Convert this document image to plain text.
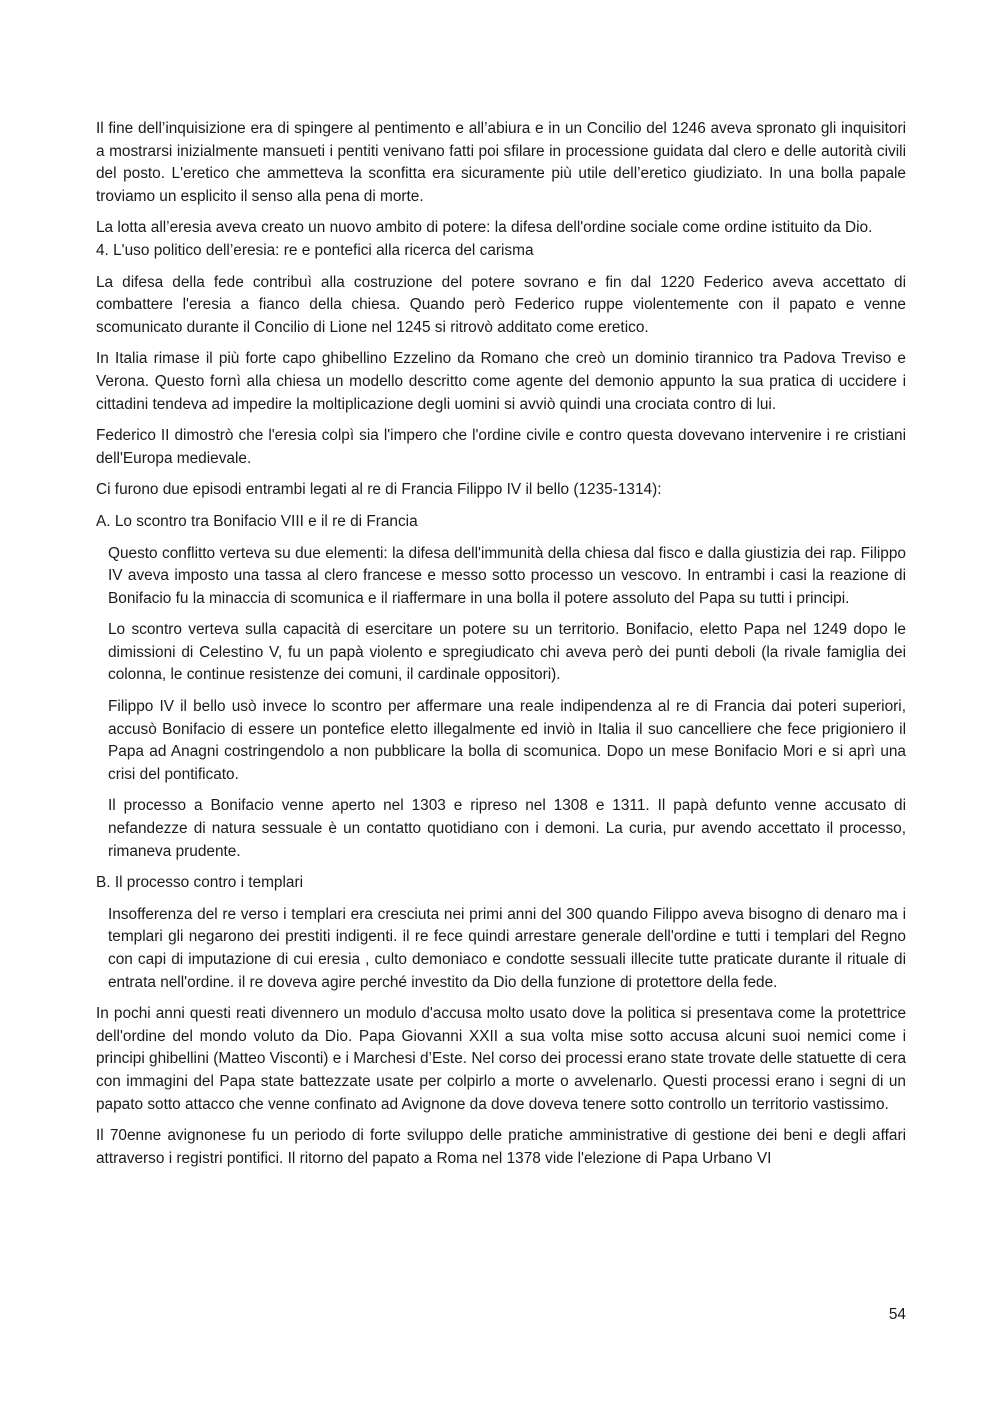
Il fine dell’inquisizione era di spingere al pentimento e all’abiura e in un Concilio del 1246 aveva spronato gli inquisitori a mostrarsi inizialmente mansueti i pentiti venivano fatti poi sfilare in processione guidata dal clero e delle autorità civili del posto. L'eretico che ammetteva la sconfitta era sicuramente più utile dell’eretico giudiziato. In una bolla papale troviamo un esplicito il senso alla pena di morte.

La lotta all’eresia aveva creato un nuovo ambito di potere: la difesa dell'ordine sociale come ordine istituito da Dio.

4. L'uso politico dell’eresia: re e pontefici alla ricerca del carisma

La difesa della fede contribuì alla costruzione del potere sovrano e fin dal 1220 Federico aveva accettato di combattere l'eresia a fianco della chiesa. Quando però Federico ruppe violentemente con il papato e venne scomunicato durante il Concilio di Lione nel 1245 si ritrovò additato come eretico.

In Italia rimase il più forte capo ghibellino Ezzelino da Romano che creò un dominio tirannico tra Padova Treviso e Verona. Questo fornì alla chiesa un modello descritto come agente del demonio appunto la sua pratica di uccidere i cittadini tendeva ad impedire la moltiplicazione degli uomini si avviò quindi una crociata contro di lui.

Federico II dimostrò che l'eresia colpì sia l'impero che l'ordine civile e contro questa dovevano intervenire i re cristiani dell'Europa medievale.

Ci furono due episodi entrambi legati al re di Francia Filippo IV il bello (1235-1314):

A. Lo scontro tra Bonifacio VIII e il re di Francia

Questo conflitto verteva su due elementi: la difesa dell'immunità della chiesa dal fisco e dalla giustizia dei rap. Filippo IV aveva imposto una tassa al clero francese e messo sotto processo un vescovo. In entrambi i casi la reazione di Bonifacio fu la minaccia di scomunica e il riaffermare in una bolla il potere assoluto del Papa su tutti i principi.

Lo scontro verteva sulla capacità di esercitare un potere su un territorio. Bonifacio, eletto Papa nel 1249 dopo le dimissioni di Celestino V, fu un papà violento e spregiudicato chi aveva però dei punti deboli (la rivale famiglia dei colonna, le continue resistenze dei comuni, il cardinale oppositori).

Filippo IV il bello usò invece lo scontro per affermare una reale indipendenza al re di Francia dai poteri superiori, accusò Bonifacio di essere un pontefice eletto illegalmente ed inviò in Italia il suo cancelliere che fece prigioniero il Papa ad Anagni costringendolo a non pubblicare la bolla di scomunica. Dopo un mese Bonifacio Mori e si aprì una crisi del pontificato.

Il processo a Bonifacio venne aperto nel 1303 e ripreso nel 1308 e 1311. Il papà defunto venne accusato di nefandezze di natura sessuale è un contatto quotidiano con i demoni. La curia, pur avendo accettato il processo, rimaneva prudente.

B. Il processo contro i templari

Insofferenza del re verso i templari era cresciuta nei primi anni del 300 quando Filippo aveva bisogno di denaro ma i templari gli negarono dei prestiti indigenti. il re fece quindi arrestare generale dell'ordine e tutti i templari del Regno con capi di imputazione di cui eresia , culto demoniaco e condotte sessuali illecite tutte praticate durante il rituale di entrata nell'ordine. il re doveva agire perché investito da Dio della funzione di protettore della fede.

In pochi anni questi reati divennero un modulo d'accusa molto usato dove la politica si presentava come la protettrice dell'ordine del mondo voluto da Dio. Papa Giovanni XXII a sua volta mise sotto accusa alcuni suoi nemici come i principi ghibellini (Matteo Visconti) e i Marchesi d’Este. Nel corso dei processi erano state trovate delle statuette di cera con immagini del Papa state battezzate usate per colpirlo a morte o avvelenarlo. Questi processi erano i segni di un papato sotto attacco che venne confinato ad Avignone da dove doveva tenere sotto controllo un territorio vastissimo.

Il 70enne avignonese fu un periodo di forte sviluppo delle pratiche amministrative di gestione dei beni e degli affari attraverso i registri pontifici. Il ritorno del papato a Roma nel 1378 vide l'elezione di Papa Urbano VI

54
